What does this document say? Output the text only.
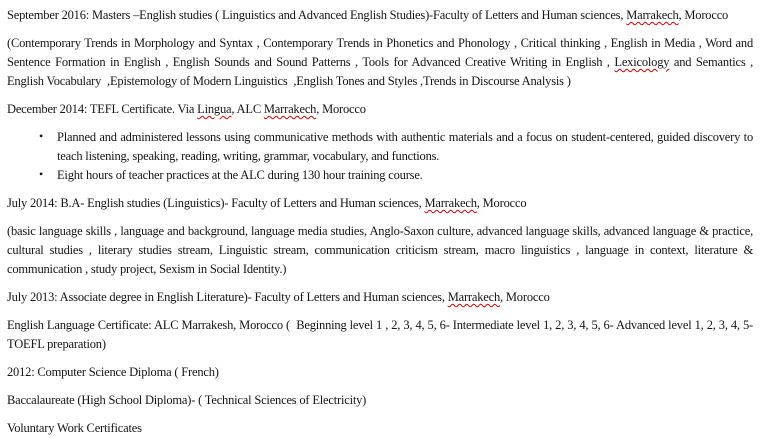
September 2016: Masters –English studies ( Linguistics and Advanced English Studies)-Faculty of Letters and Human sciences, Marrakech, Morocco

(Contemporary Trends in Morphology and Syntax , Contemporary Trends in Phonetics and Phonology , Critical thinking , English in Media , Word and Sentence Formation in English , English Sounds and Sound Patterns , Tools for Advanced Creative Writing in English , Lexicology and Semantics , English Vocabulary  ,Epistemology of Modern Linguistics  ,English Tones and Styles ,Trends in Discourse Analysis )

December 2014: TEFL Certificate. Via Lingua, ALC Marrakech, Morocco

• Planned and administered lessons using communicative methods with authentic materials and a focus on student-centered, guided discovery to teach listening, speaking, reading, writing, grammar, vocabulary, and functions.
• Eight hours of teacher practices at the ALC during 130 hour training course.

July 2014: B.A- English studies (Linguistics)- Faculty of Letters and Human sciences, Marrakech, Morocco

(basic language skills , language and background, language media studies, Anglo-Saxon culture, advanced language skills, advanced language & practice, cultural studies , literary studies stream, Linguistic stream, communication criticism stream, macro linguistics , language in context, literature & communication , study project, Sexism in Social Identity.)

July 2013: Associate degree in English Literature)- Faculty of Letters and Human sciences, Marrakech, Morocco

English Language Certificate: ALC Marrakesh, Morocco (  Beginning level 1 , 2, 3, 4, 5, 6- Intermediate level 1, 2, 3, 4, 5, 6- Advanced level 1, 2, 3, 4, 5- TOEFL preparation)

2012: Computer Science Diploma ( French)

Baccalaureate (High School Diploma)- ( Technical Sciences of Electricity)

Voluntary Work Certificates
